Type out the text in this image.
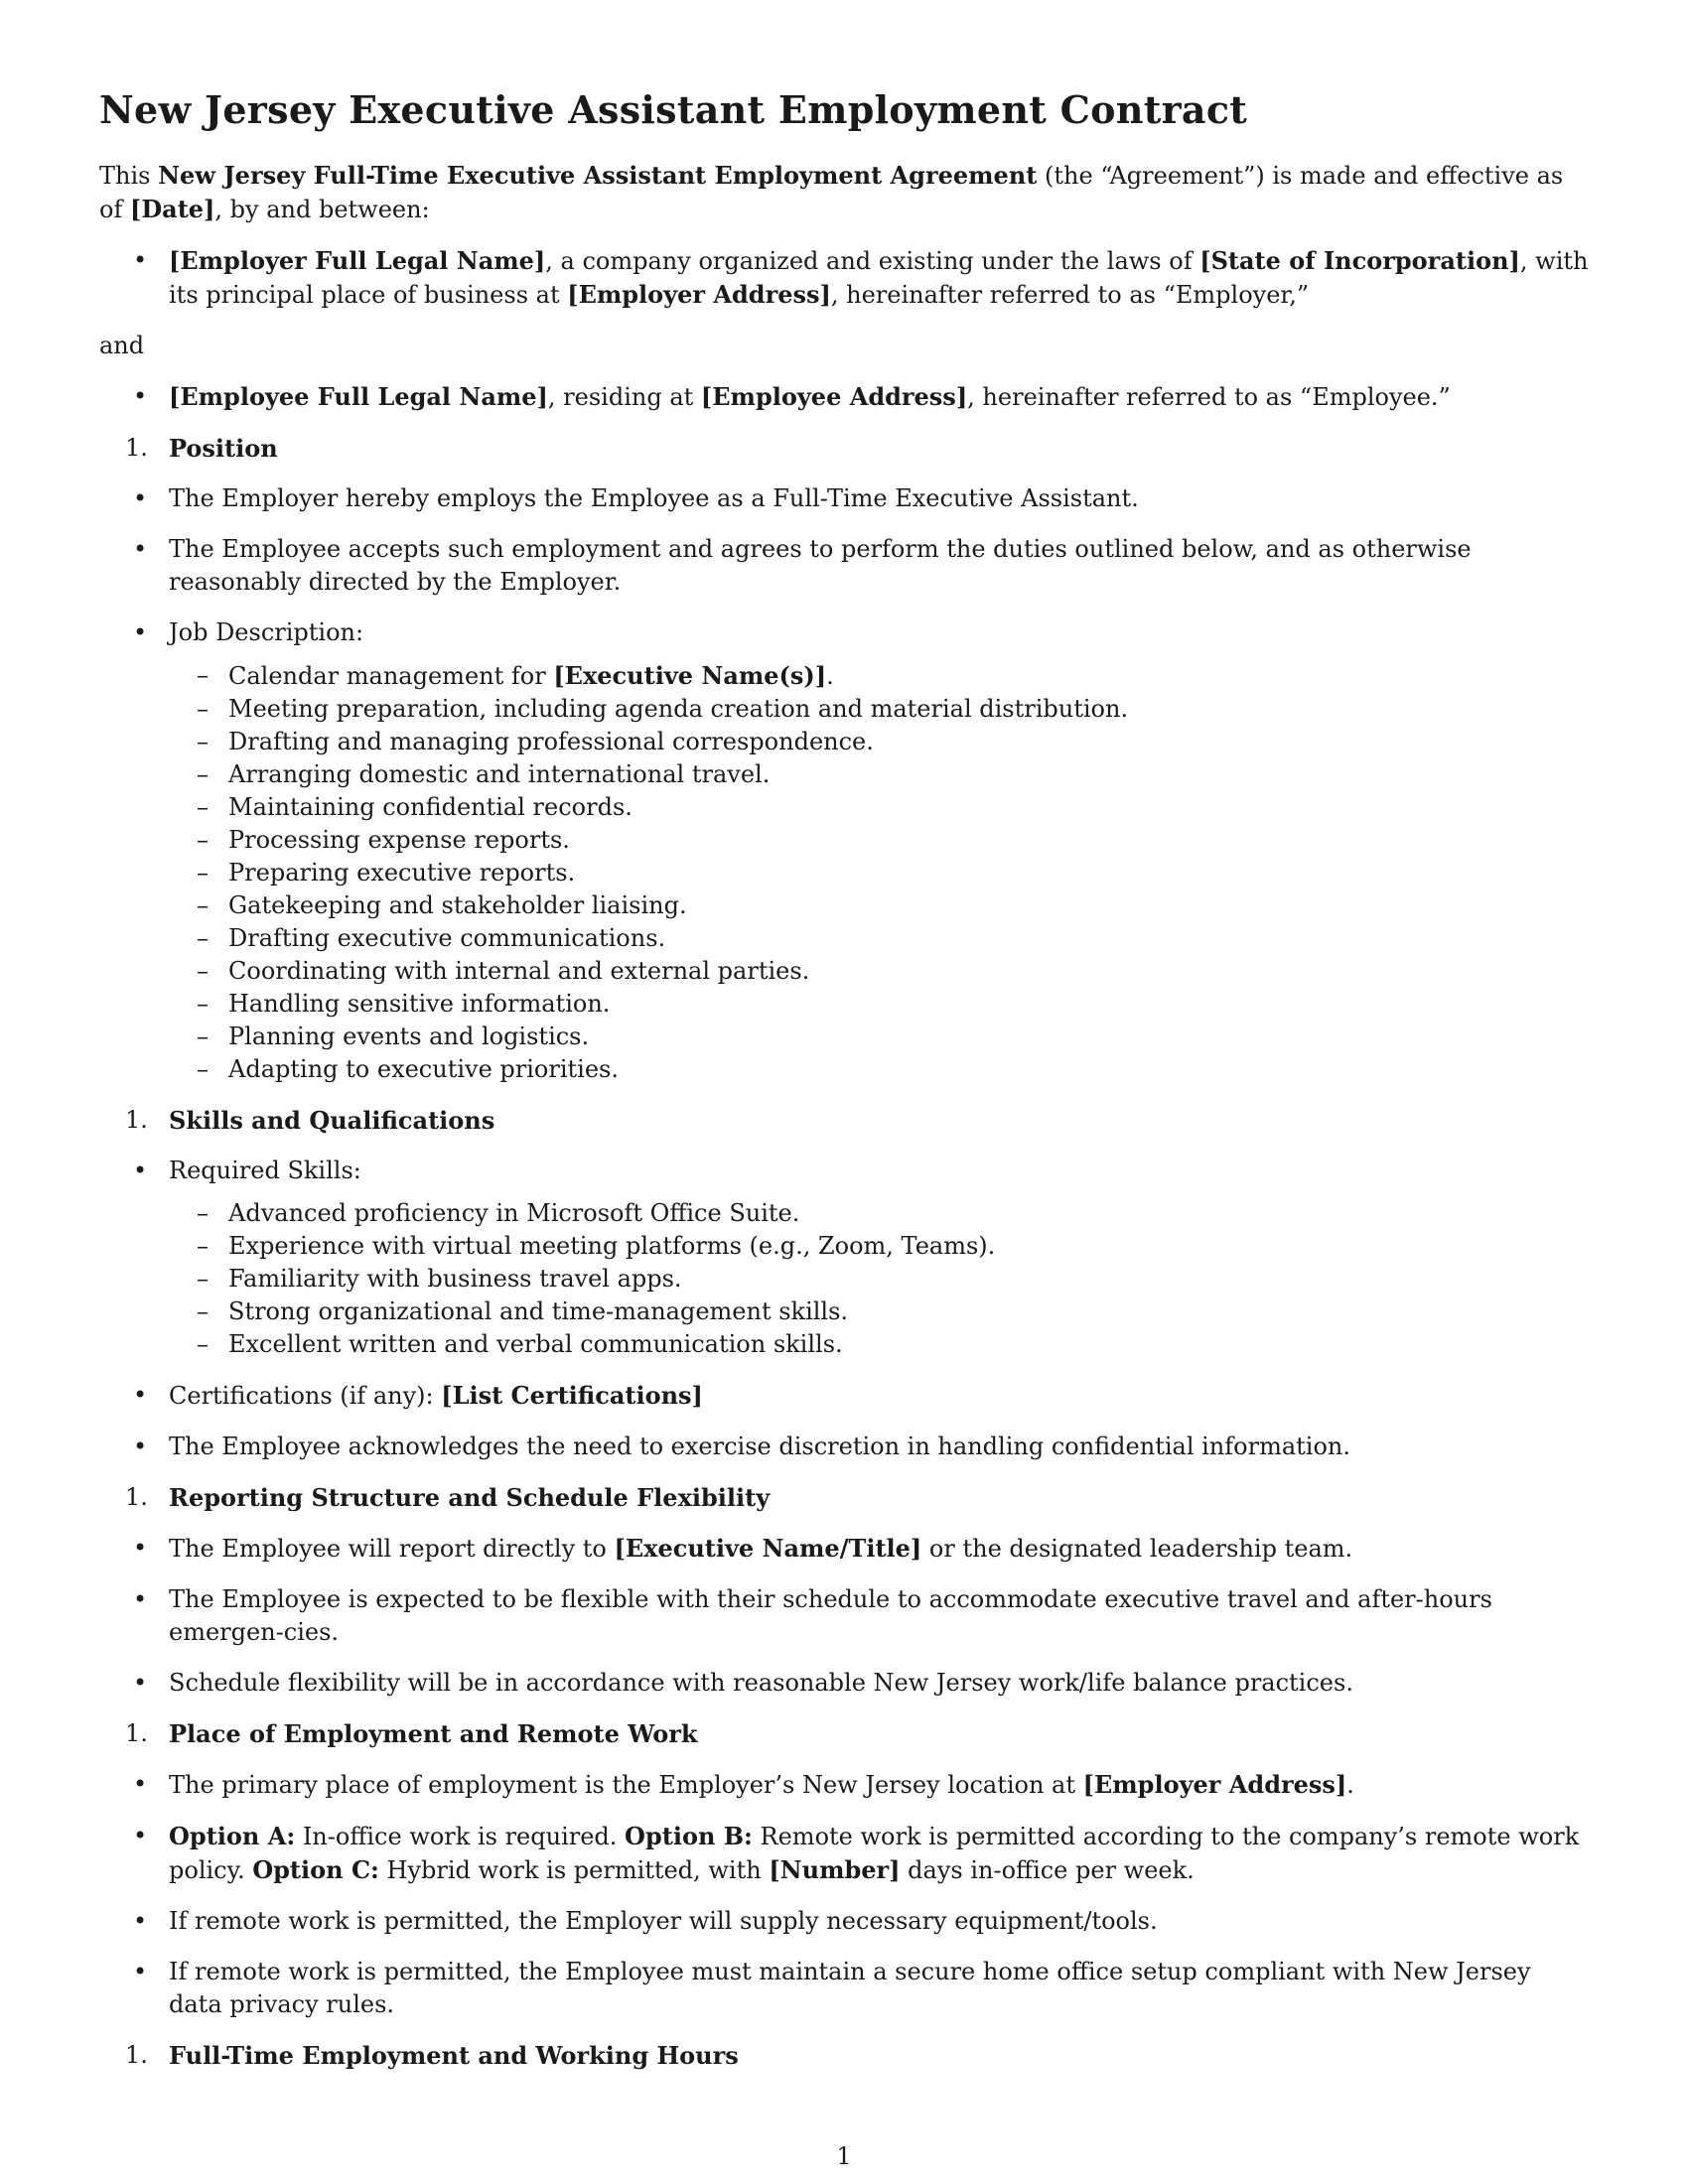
New Jersey Executive Assistant Employment Contract
This New Jersey Full-Time Executive Assistant Employment Agreement (the “Agreement”) is made and effective as of [Date], by and between:
• [Employer Full Legal Name], a company organized and existing under the laws of [State of Incorporation], with its principal place of business at [Employer Address], hereinafter referred to as “Employer,”
and
• [Employee Full Legal Name], residing at [Employee Address], hereinafter referred to as “Employee.”
1. Position
• The Employer hereby employs the Employee as a Full-Time Executive Assistant.
• The Employee accepts such employment and agrees to perform the duties outlined below, and as otherwise reasonably directed by the Employer.
• Job Description:
– Calendar management for [Executive Name(s)].
– Meeting preparation, including agenda creation and material distribution.
– Drafting and managing professional correspondence.
– Arranging domestic and international travel.
– Maintaining confidential records.
– Processing expense reports.
– Preparing executive reports.
– Gatekeeping and stakeholder liaising.
– Drafting executive communications.
– Coordinating with internal and external parties.
– Handling sensitive information.
– Planning events and logistics.
– Adapting to executive priorities.
1. Skills and Qualifications
• Required Skills:
– Advanced proficiency in Microsoft Office Suite.
– Experience with virtual meeting platforms (e.g., Zoom, Teams).
– Familiarity with business travel apps.
– Strong organizational and time-management skills.
– Excellent written and verbal communication skills.
• Certifications (if any): [List Certifications]
• The Employee acknowledges the need to exercise discretion in handling confidential information.
1. Reporting Structure and Schedule Flexibility
• The Employee will report directly to [Executive Name/Title] or the designated leadership team.
• The Employee is expected to be flexible with their schedule to accommodate executive travel and after-hours emergen-cies.
• Schedule flexibility will be in accordance with reasonable New Jersey work/life balance practices.
1. Place of Employment and Remote Work
• The primary place of employment is the Employer’s New Jersey location at [Employer Address].
• Option A: In-office work is required. Option B: Remote work is permitted according to the company’s remote work policy. Option C: Hybrid work is permitted, with [Number] days in-office per week.
• If remote work is permitted, the Employer will supply necessary equipment/tools.
• If remote work is permitted, the Employee must maintain a secure home office setup compliant with New Jersey data privacy rules.
1. Full-Time Employment and Working Hours
1
